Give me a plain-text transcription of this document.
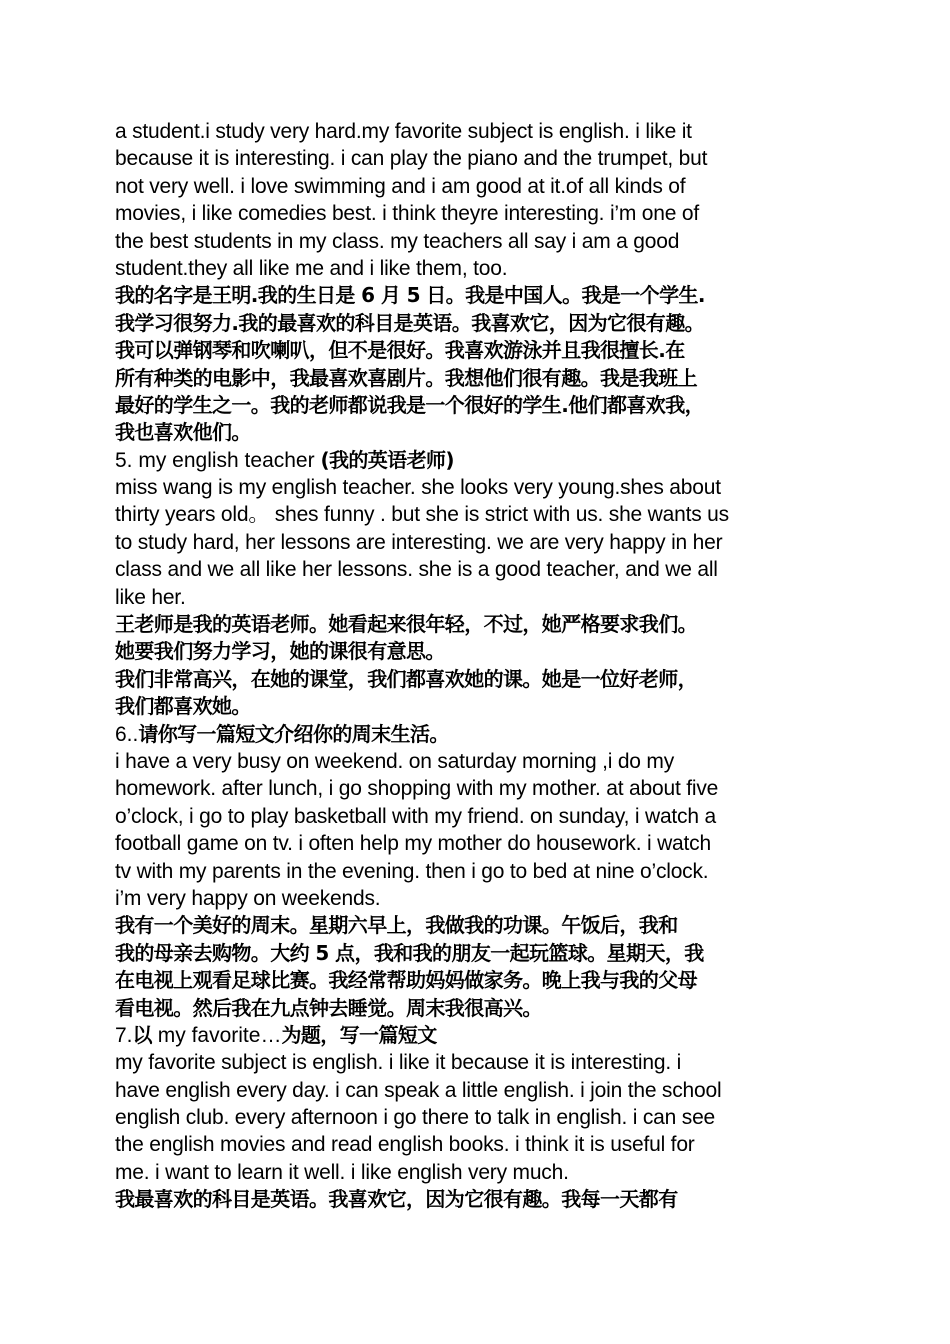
a student.i study very hard.my favorite subject is english. i like it
because it is interesting. i can play the piano and the trumpet, but
not very well. i love swimming and i am good at it.of all kinds of
movies, i like comedies best. i think theyre interesting. i’m one of
the best students in my class. my teachers all say i am a good
student.they all like me and i like them, too.
我的名字是王明.我的生日是 6 月 5 日。我是中国人。我是一个学生.
我学习很努力.我的最喜欢的科目是英语。我喜欢它，因为它很有趣。
我可以弹钢琴和吹喇叭，但不是很好。我喜欢游泳并且我很擅长.在
所有种类的电影中，我最喜欢喜剧片。我想他们很有趣。我是我班上
最好的学生之一。我的老师都说我是一个很好的学生.他们都喜欢我，
我也喜欢他们。
5. my english teacher (我的英语老师)
miss wang is my english teacher. she looks very young.shes about
thirty years old。 shes funny . but she is strict with us. she wants us
to study hard, her lessons are interesting. we are very happy in her
class and we all like her lessons. she is a good teacher, and we all
like her.
王老师是我的英语老师。她看起来很年轻，不过，她严格要求我们。
她要我们努力学习，她的课很有意思。
我们非常高兴，在她的课堂，我们都喜欢她的课。她是一位好老师，
我们都喜欢她。
6..请你写一篇短文介绍你的周末生活。
i have a very busy on weekend. on saturday morning ,i do my
homework. after lunch, i go shopping with my mother. at about five
o’clock, i go to play basketball with my friend. on sunday, i watch a
football game on tv. i often help my mother do housework. i watch
tv with my parents in the evening. then i go to bed at nine o’clock.
i’m very happy on weekends.
我有一个美好的周末。星期六早上，我做我的功课。午饭后，我和
我的母亲去购物。大约 5 点，我和我的朋友一起玩篮球。星期天，我
在电视上观看足球比赛。我经常帮助妈妈做家务。晚上我与我的父母
看电视。然后我在九点钟去睡觉。周末我很高兴。
7.以 my favorite…为题，写一篇短文
my favorite subject is english. i like it because it is interesting. i
have english every day. i can speak a little english. i join the school
english club. every afternoon i go there to talk in english. i can see
the english movies and read english books. i think it is useful for
me. i want to learn it well. i like english very much.
我最喜欢的科目是英语。我喜欢它，因为它很有趣。我每一天都有
